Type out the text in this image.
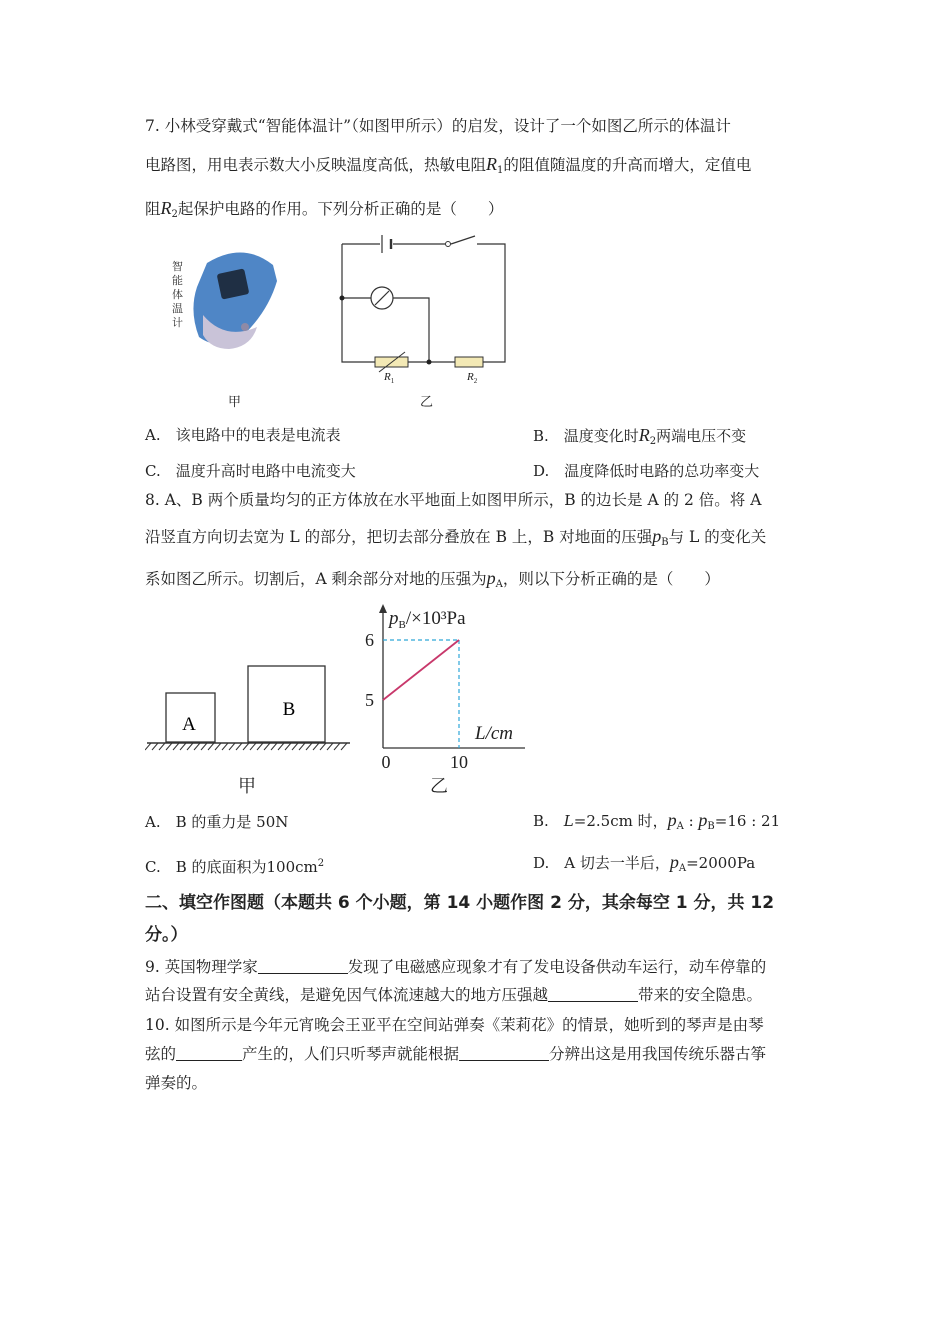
7. 小林受穿戴式“智能体温计”（如图甲所示）的启发，设计了一个如图乙所示的体温计
电路图，用电表示数大小反映温度高低，热敏电阻$R_1$的阻值随温度的升高而增大，定值电
阻$R_2$起保护电路的作用。下列分析正确的是（　　）
智能体温计
甲
$R_1$	$R_2$
乙
A.　该电路中的电表是电流表	B.　温度变化时$R_2$两端电压不变
C.　温度升高时电路中电流变大	D.　温度降低时电路的总功率变大
8. A、B 两个质量均匀的正方体放在水平地面上如图甲所示，B 的边长是 A 的 2 倍。将 A
沿竖直方向切去宽为 L 的部分，把切去部分叠放在 B 上，B 对地面的压强$p_B$与 L 的变化关
系如图乙所示。切割后，A 剩余部分对地的压强为$p_A$，则以下分析正确的是（　　）
A
B
甲
$p_B/\times 10^3Pa$
L/cm
5
6
0	10
乙
A.　B 的重力是 50N	B.　L=2.5cm 时，$p_A$ : $p_B=16$ : 21
C.　B 的底面积为$100cm^2$	D.　A 切去一半后，$p_A=2000Pa$
二、填空作图题（本题共 6 个小题，第 14 小题作图 2 分，其余每空 1 分，共 12
分。）
9. 英国物理学家	发现了电磁感应现象才有了发电设备供动车运行，动车停靠的
站台设置有安全黄线，是避免因气体流速越大的地方压强越	带来的安全隐患。
10. 如图所示是今年元宵晚会王亚平在空间站弹奏《茉莉花》的情景，她听到的琴声是由琴
弦的	产生的，人们只听琴声就能根据	分辨出这是用我国传统乐器古筝
弹奏的。
